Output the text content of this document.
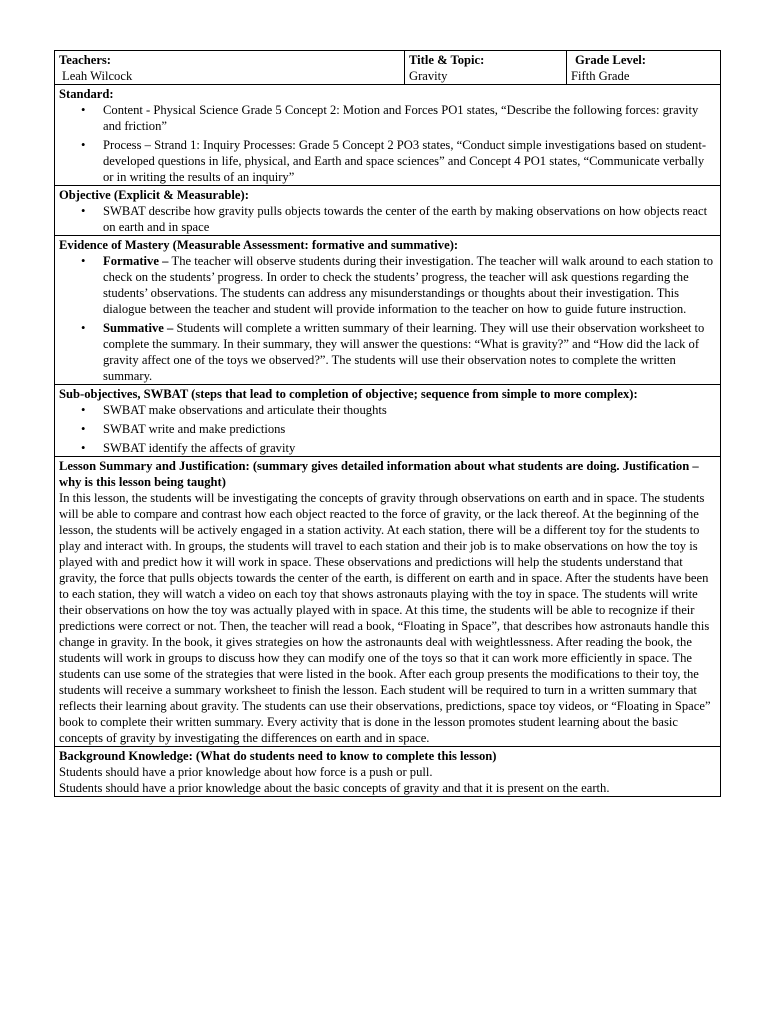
Teachers:
Leah Wilcock

Title & Topic:
Gravity

Grade Level:
Fifth Grade

Standard:
• Content - Physical Science Grade 5 Concept 2: Motion and Forces PO1 states, “Describe the following forces: gravity and friction”
• Process – Strand 1: Inquiry Processes: Grade 5 Concept 2 PO3 states, “Conduct simple investigations based on student-developed questions in life, physical, and Earth and space sciences” and Concept 4 PO1 states, “Communicate verbally or in writing the results of an inquiry”

Objective (Explicit & Measurable):
• SWBAT describe how gravity pulls objects towards the center of the earth by making observations on how objects react on earth and in space

Evidence of Mastery (Measurable Assessment: formative and summative):
• Formative – The teacher will observe students during their investigation. The teacher will walk around to each station to check on the students’ progress. In order to check the students’ progress, the teacher will ask questions regarding the students’ observations. The students can address any misunderstandings or thoughts about their investigation. This dialogue between the teacher and student will provide information to the teacher on how to guide future instruction.
• Summative – Students will complete a written summary of their learning. They will use their observation worksheet to complete the summary. In their summary, they will answer the questions: “What is gravity?” and “How did the lack of gravity affect one of the toys we observed?”. The students will use their observation notes to complete the written summary.

Sub-objectives, SWBAT (steps that lead to completion of objective; sequence from simple to more complex):
• SWBAT make observations and articulate their thoughts
• SWBAT write and make predictions
• SWBAT identify the affects of gravity

Lesson Summary and Justification: (summary gives detailed information about what students are doing. Justification – why is this lesson being taught)

In this lesson, the students will be investigating the concepts of gravity through observations on earth and in space. The students will be able to compare and contrast how each object reacted to the force of gravity, or the lack thereof. At the beginning of the lesson, the students will be actively engaged in a station activity. At each station, there will be a different toy for the students to play and interact with. In groups, the students will travel to each station and their job is to make observations on how the toy is played with and predict how it will work in space. These observations and predictions will help the students understand that gravity, the force that pulls objects towards the center of the earth, is different on earth and in space. After the students have been to each station, they will watch a video on each toy that shows astronauts playing with the toy in space. The students will write their observations on how the toy was actually played with in space. At this time, the students will be able to recognize if their predictions were correct or not. Then, the teacher will read a book, “Floating in Space”, that describes how astronauts handle this change in gravity. In the book, it gives strategies on how the astronaunts deal with weightlessness. After reading the book, the students will work in groups to discuss how they can modify one of the toys so that it can work more efficiently in space. The students can use some of the strategies that were listed in the book. After each group presents the modifications to their toy, the students will receive a summary worksheet to finish the lesson. Each student will be required to turn in a written summary that reflects their learning about gravity. The students can use their observations, predictions, space toy videos, or “Floating in Space” book to complete their written summary. Every activity that is done in the lesson promotes student learning about the basic concepts of gravity by investigating the differences on earth and in space.

Background Knowledge: (What do students need to know to complete this lesson)

Students should have a prior knowledge about how force is a push or pull.

Students should have a prior knowledge about the basic concepts of gravity and that it is present on the earth.
